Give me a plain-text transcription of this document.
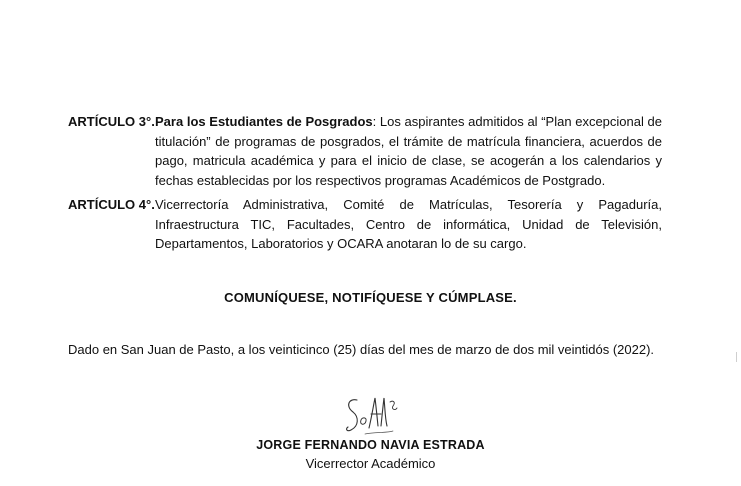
ARTÍCULO 3°. Para los Estudiantes de Posgrados: Los aspirantes admitidos al “Plan excepcional de titulación” de programas de posgrados, el trámite de matrícula financiera, acuerdos de pago, matricula académica y para el inicio de clase, se acogerán a los calendarios y fechas establecidas por los respectivos programas Académicos de Postgrado.
ARTÍCULO 4°. Vicerrectoría Administrativa, Comité de Matrículas, Tesorería y Pagaduría, Infraestructura TIC, Facultades, Centro de informática, Unidad de Televisión, Departamentos, Laboratorios y OCARA anotaran lo de su cargo.
COMUNÍQUESE, NOTIFÍQUESE Y CÚMPLASE.
Dado en San Juan de Pasto, a los veinticinco (25) días del mes de marzo de dos mil veintidós (2022).
JORGE FERNANDO NAVIA ESTRADA
Vicerrector Académico
